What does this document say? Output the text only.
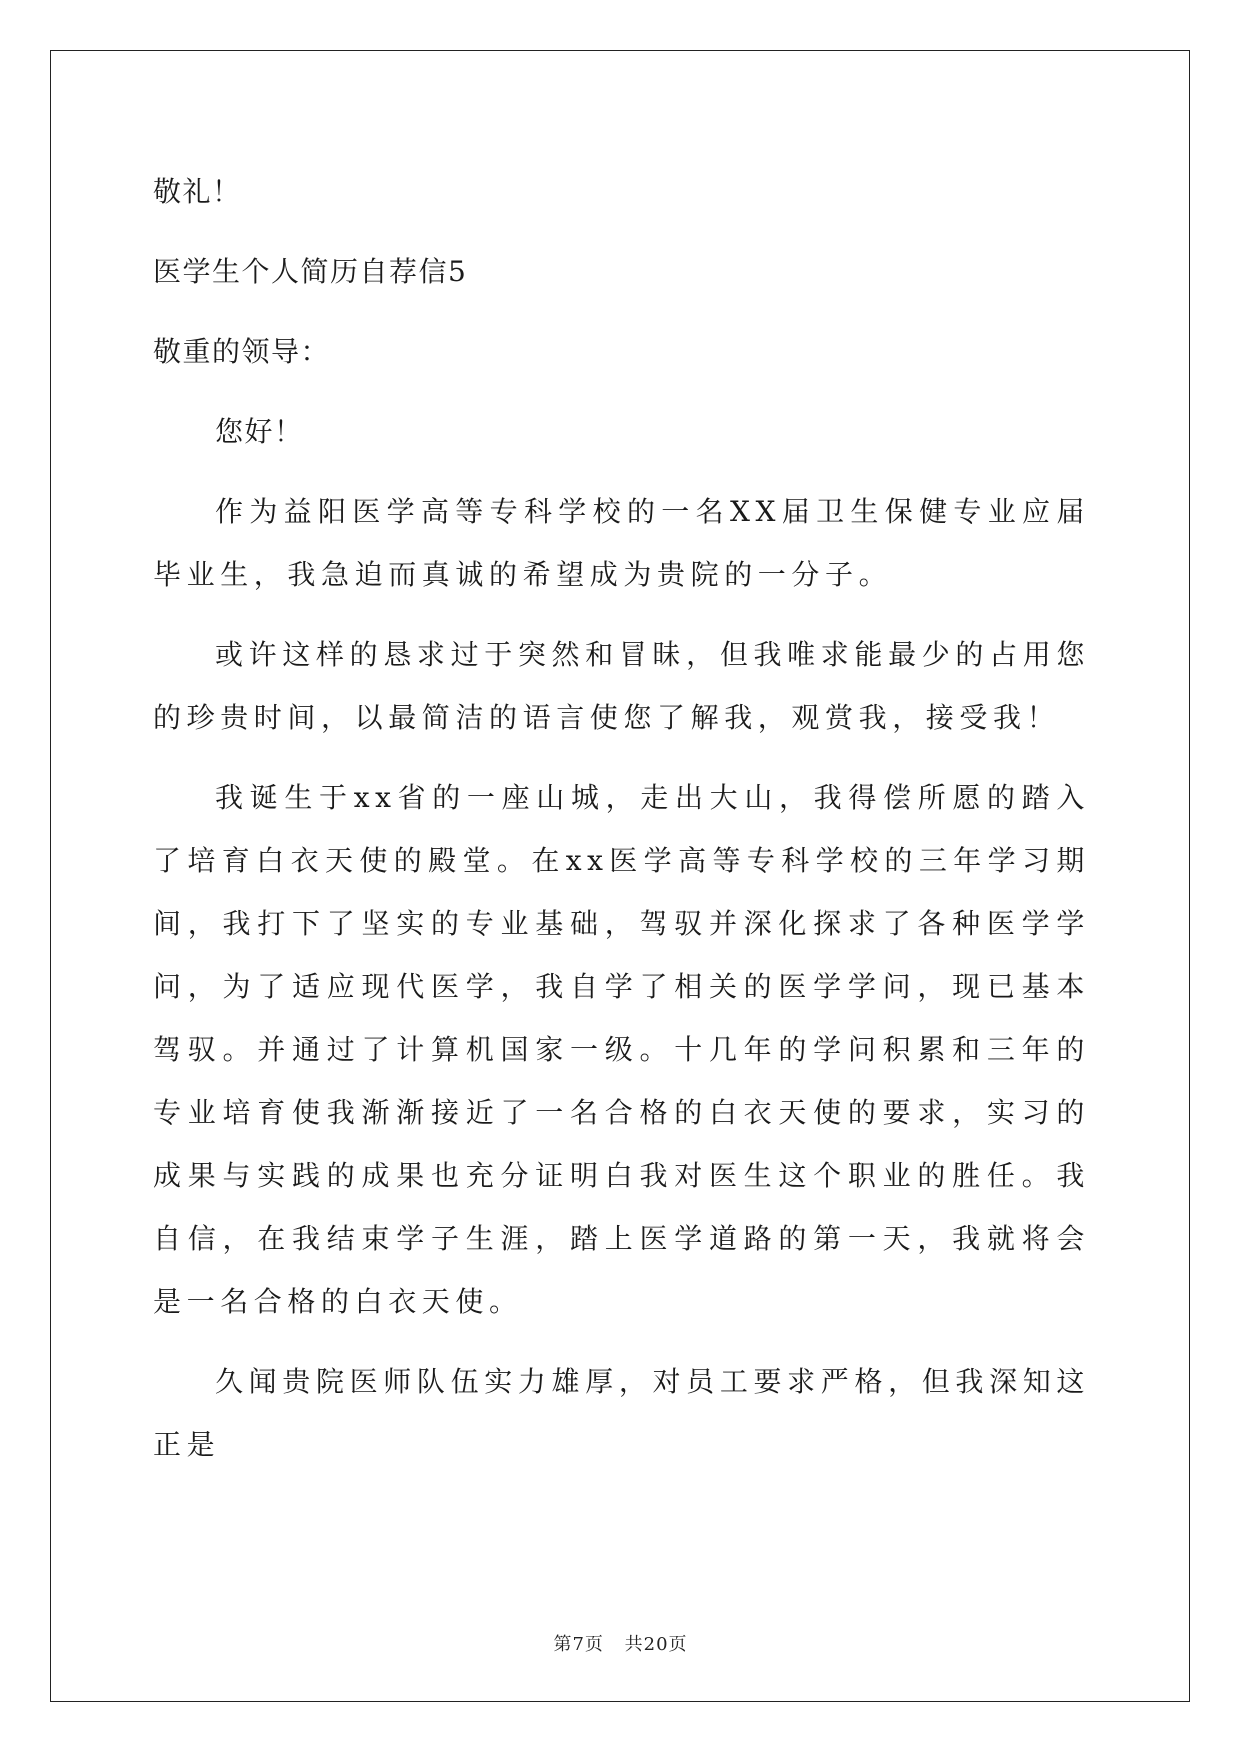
敬礼！
医学生个人简历自荐信5
敬重的领导：
您好！

作为益阳医学高等专科学校的一名XX届卫生保健专业应届毕业生，我急迫而真诚的希望成为贵院的一分子。

或许这样的恳求过于突然和冒昧，但我唯求能最少的占用您的珍贵时间，以最简洁的语言使您了解我，观赏我，接受我！

我诞生于xx省的一座山城，走出大山，我得偿所愿的踏入了培育白衣天使的殿堂。在xx医学高等专科学校的三年学习期间，我打下了坚实的专业基础，驾驭并深化探求了各种医学学问，为了适应现代医学，我自学了相关的医学学问，现已基本驾驭。并通过了计算机国家一级。十几年的学问积累和三年的专业培育使我渐渐接近了一名合格的白衣天使的要求，实习的成果与实践的成果也充分证明白我对医生这个职业的胜任。我自信，在我结束学子生涯，踏上医学道路的第一天，我就将会是一名合格的白衣天使。

久闻贵院医师队伍实力雄厚，对员工要求严格，但我深知这正是

第7页 共20页
